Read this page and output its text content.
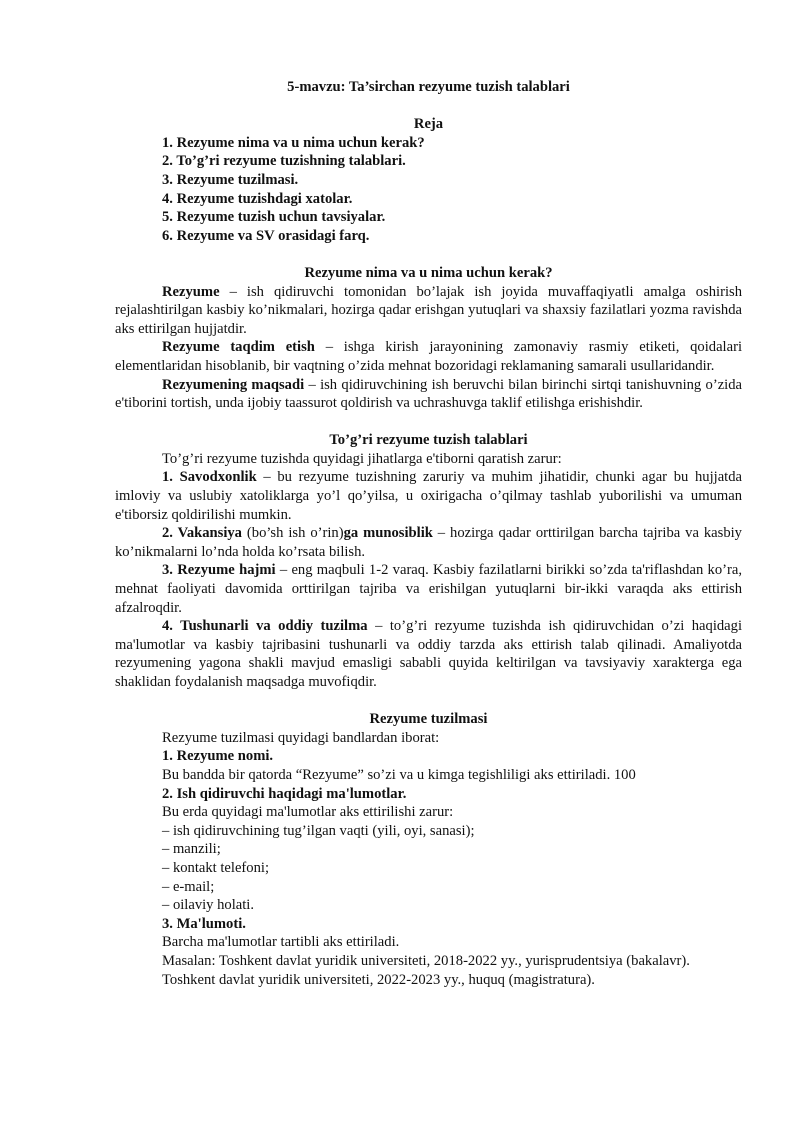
5-mavzu: Ta’sirchan rezyume tuzish talablari

Reja

1. Rezyume nima va u nima uchun kerak?
2. To’g’ri rezyume tuzishning talablari.
3. Rezyume tuzilmasi.
4. Rezyume tuzishdagi xatolar.
5. Rezyume tuzish uchun tavsiyalar.
6. Rezyume va SV orasidagi farq.

Rezyume nima va u nima uchun kerak?

Rezyume – ish qidiruvchi tomonidan bo’lajak ish joyida muvaffaqiyatli amalga oshirish rejalashtirilgan kasbiy ko’nikmalari, hozirga qadar erishgan yutuqlari va shaxsiy fazilatlari yozma ravishda aks ettirilgan hujjatdir.

Rezyume taqdim etish – ishga kirish jarayonining zamonaviy rasmiy etiketi, qoidalari elementlaridan hisoblanib, bir vaqtning o’zida mehnat bozoridagi reklamaning samarali usullaridandir.

Rezyumening maqsadi – ish qidiruvchining ish beruvchi bilan birinchi sirtqi tanishuvning o’zida e'tiborini tortish, unda ijobiy taassurot qoldirish va uchrashuvga taklif etilishga erishishdir.

To’g’ri rezyume tuzish talablari

To’g’ri rezyume tuzishda quyidagi jihatlarga e'tiborni qaratish zarur:

1. Savodxonlik – bu rezyume tuzishning zaruriy va muhim jihatidir, chunki agar bu hujjatda imloviy va uslubiy xatoliklarga yo’l qo’yilsa, u oxirigacha o’qilmay tashlab yuborilishi va umuman e'tiborsiz qoldirilishi mumkin.

2. Vakansiya (bo’sh ish o’rin)ga munosiblik – hozirga qadar orttirilgan barcha tajriba va kasbiy ko’nikmalarni lo’nda holda ko’rsata bilish.

3. Rezyume hajmi – eng maqbuli 1-2 varaq. Kasbiy fazilatlarni birikki so’zda ta'riflashdan ko’ra, mehnat faoliyati davomida orttirilgan tajriba va erishilgan yutuqlarni bir-ikki varaqda aks ettirish afzalroqdir.

4. Tushunarli va oddiy tuzilma – to’g’ri rezyume tuzishda ish qidiruvchidan o’zi haqidagi ma'lumotlar va kasbiy tajribasini tushunarli va oddiy tarzda aks ettirish talab qilinadi. Amaliyotda rezyumening yagona shakli mavjud emasligi sababli quyida keltirilgan va tavsiyaviy xarakterga ega shaklidan foydalanish maqsadga muvofiqdir.

Rezyume tuzilmasi

Rezyume tuzilmasi quyidagi bandlardan iborat:

1. Rezyume nomi.

Bu bandda bir qatorda “Rezyume” so’zi va u kimga tegishliligi aks ettiriladi. 100

2. Ish qidiruvchi haqidagi ma'lumotlar.

Bu erda quyidagi ma'lumotlar aks ettirilishi zarur:

– ish qidiruvchining tug’ilgan vaqti (yili, oyi, sanasi);

– manzili;

– kontakt telefoni;

– e-mail;

– oilaviy holati.

3. Ma'lumoti.

Barcha ma'lumotlar tartibli aks ettiriladi.

Masalan: Toshkent davlat yuridik universiteti, 2018-2022 yy., yurisprudentsiya (bakalavr).

Toshkent davlat yuridik universiteti, 2022-2023 yy., huquq (magistratura).
